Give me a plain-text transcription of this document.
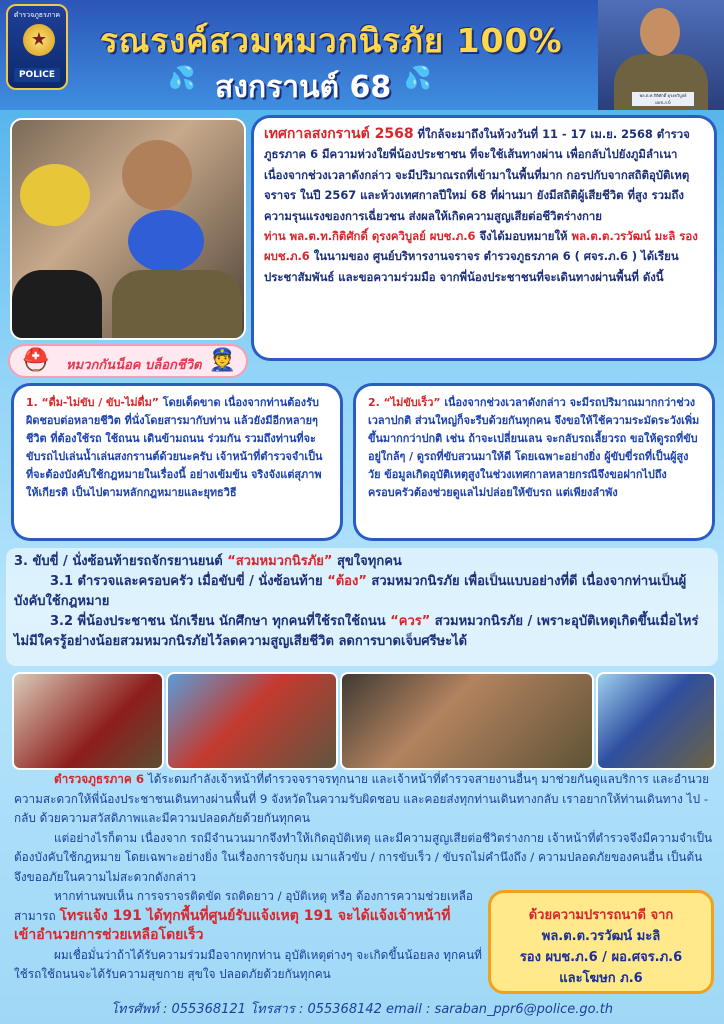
ตำรวจภูธรภาค
★
POLICE
รณรงค์สวมหมวกนิรภัย 100%
💦 สงกรานต์ 68 💦
พล.ต.ท.กิติศักดิ์ ดุรงควิบูลย์ ผบช.ภ.6
เทศกาลสงกรานต์ 2568 ที่ใกล้จะมาถึงในห้วงวันที่ 11 - 17 เม.ย. 2568 ตำรวจภูธรภาค 6 มีความห่วงใยพี่น้องประชาชน ที่จะใช้เส้นทางผ่าน เพื่อกลับไปยังภูมิลำเนา เนื่องจากช่วงเวลาดังกล่าว จะมีปริมาณรถที่เข้ามาในพื้นที่มาก กอรปกับจากสถิติอุบัติเหตุจราจร ในปี 2567 และห้วงเทศกาลปีใหม่ 68 ที่ผ่านมา ยังมีสถิติผู้เสียชีวิต ที่สูง รวมถึงความรุนแรงของการเฉี่ยวชน ส่งผลให้เกิดความสูญเสียต่อชีวิตร่างกาย
ท่าน พล.ต.ท.กิติศักดิ์ ดุรงควิบูลย์ ผบช.ภ.6 จึงได้มอบหมายให้ พล.ต.ต.วรวัฒน์ มะลิ รอง ผบช.ภ.6 ในนามของ ศูนย์บริหารงานจราจร ตำรวจภูธรภาค 6 ( ศจร.ภ.6 ) ได้เรียนประชาสัมพันธ์ และขอความร่วมมือ จากพี่น้องประชาชนที่จะเดินทางผ่านพื้นที่ ดังนี้
⛑️ หมวกกันน็อค บล็อกชีวิต 👮
1. “ดื่ม-ไม่ขับ / ขับ-ไม่ดื่ม” โดยเด็ดขาด เนื่องจากท่านต้องรับผิดชอบต่อหลายชีวิต ที่นั่งโดยสารมากับท่าน แล้วยังมีอีกหลายๆ ชีวิต ที่ต้องใช้รถ ใช้ถนน เดินข้ามถนน ร่วมกัน รวมถึงท่านที่จะขับรถไปเล่นน้ำเล่นสงกรานต์ด้วยนะครับ เจ้าหน้าที่ตำรวจจำเป็นที่จะต้องบังคับใช้กฎหมายในเรื่องนี้ อย่างเข้มข้น จริงจังแต่สุภาพ ให้เกียรติ เป็นไปตามหลักกฎหมายและยุทธวิธี
2. “ไม่ขับเร็ว” เนื่องจากช่วงเวลาดังกล่าว จะมีรถปริมาณมากกว่าช่วงเวลาปกติ ส่วนใหญ่ก็จะรีบด้วยกันทุกคน จึงขอให้ใช้ความระมัดระวังเพิ่มขึ้นมากกว่าปกติ เช่น ถ้าจะเปลี่ยนเลน จะกลับรถเลี้ยวรถ ขอให้ดูรถที่ขับอยู่ใกล้ๆ / ดูรถที่ขับสวนมาให้ดี โดยเฉพาะอย่างยิ่ง ผู้ขับขี่รถที่เป็นผู้สูงวัย ข้อมูลเกิดอุบัติเหตุสูงในช่วงเทศกาลหลายกรณีจึงขอฝากไปถึงครอบครัวต้องช่วยดูแลไม่ปล่อยให้ขับรถ แต่เพียงลำพัง
3. ขับขี่ / นั่งซ้อนท้ายรถจักรยานยนต์ “สวมหมวกนิรภัย” สุขใจทุกคน
3.1 ตำรวจและครอบครัว เมื่อขับขี่ / นั่งซ้อนท้าย “ต้อง” สวมหมวกนิรภัย เพื่อเป็นแบบอย่างที่ดี เนื่องจากท่านเป็นผู้บังคับใช้กฎหมาย
3.2 พี่น้องประชาชน นักเรียน นักศึกษา ทุกคนที่ใช้รถใช้ถนน “ควร” สวมหมวกนิรภัย / เพราะอุบัติเหตุเกิดขึ้นเมื่อไหร่ไม่มีใครรู้อย่างน้อยสวมหมวกนิรภัยไว้ลดความสูญเสียชีวิต ลดการบาดเจ็บศรีษะได้

ตำรวจภูธรภาค 6 ได้ระดมกำลังเจ้าหน้าที่ตำรวจจราจรทุกนาย และเจ้าหน้าที่ตำรวจสายงานอื่นๆ มาช่วยกันดูแลบริการ และอำนวยความสะดวกให้พี่น้องประชาชนเดินทางผ่านพื้นที่ 9 จังหวัดในความรับผิดชอบ และคอยส่งทุกท่านเดินทางกลับ เราอยากให้ท่านเดินทาง ไป - กลับ ด้วยความสวัสดิภาพและมีความปลอดภัยด้วยกันทุกคน

แต่อย่างไรก็ตาม เนื่องจาก รถมีจำนวนมากจึงทำให้เกิดอุบัติเหตุ และมีความสูญเสียต่อชีวิตร่างกาย เจ้าหน้าที่ตำรวจจึงมีความจำเป็น ต้องบังคับใช้กฎหมาย โดยเฉพาะอย่างยิ่ง ในเรื่องการจับกุม เมาแล้วขับ / การขับเร็ว / ขับรถไม่คำนึงถึง / ความปลอดภัยของคนอื่น เป็นต้น จึงขออภัยในความไม่สะดวกดังกล่าว

หากท่านพบเห็น การจราจรติดขัด รถติดยาว / อุบัติเหตุ หรือ ต้องการความช่วยเหลือสามารถ โทรแจ้ง 191 ได้ทุกพื้นที่ศูนย์รับแจ้งเหตุ 191 จะได้แจ้งเจ้าหน้าที่ เข้าอำนวยการช่วยเหลือโดยเร็ว

ผมเชื่อมั่นว่าถ้าได้รับความร่วมมือจากทุกท่าน อุบัติเหตุต่างๆ จะเกิดขึ้นน้อยลง ทุกคนที่ใช้รถใช้ถนนจะได้รับความสุขกาย สุขใจ ปลอดภัยด้วยกันทุกคน

ด้วยความปรารถนาดี จาก
พล.ต.ต.วรวัฒน์ มะลิ
รอง ผบช.ภ.6 / ผอ.ศจร.ภ.6
และโฆษก ภ.6
โทรศัพท์ : 055368121 โทรสาร : 055368142 email : saraban_ppr6@police.go.th
